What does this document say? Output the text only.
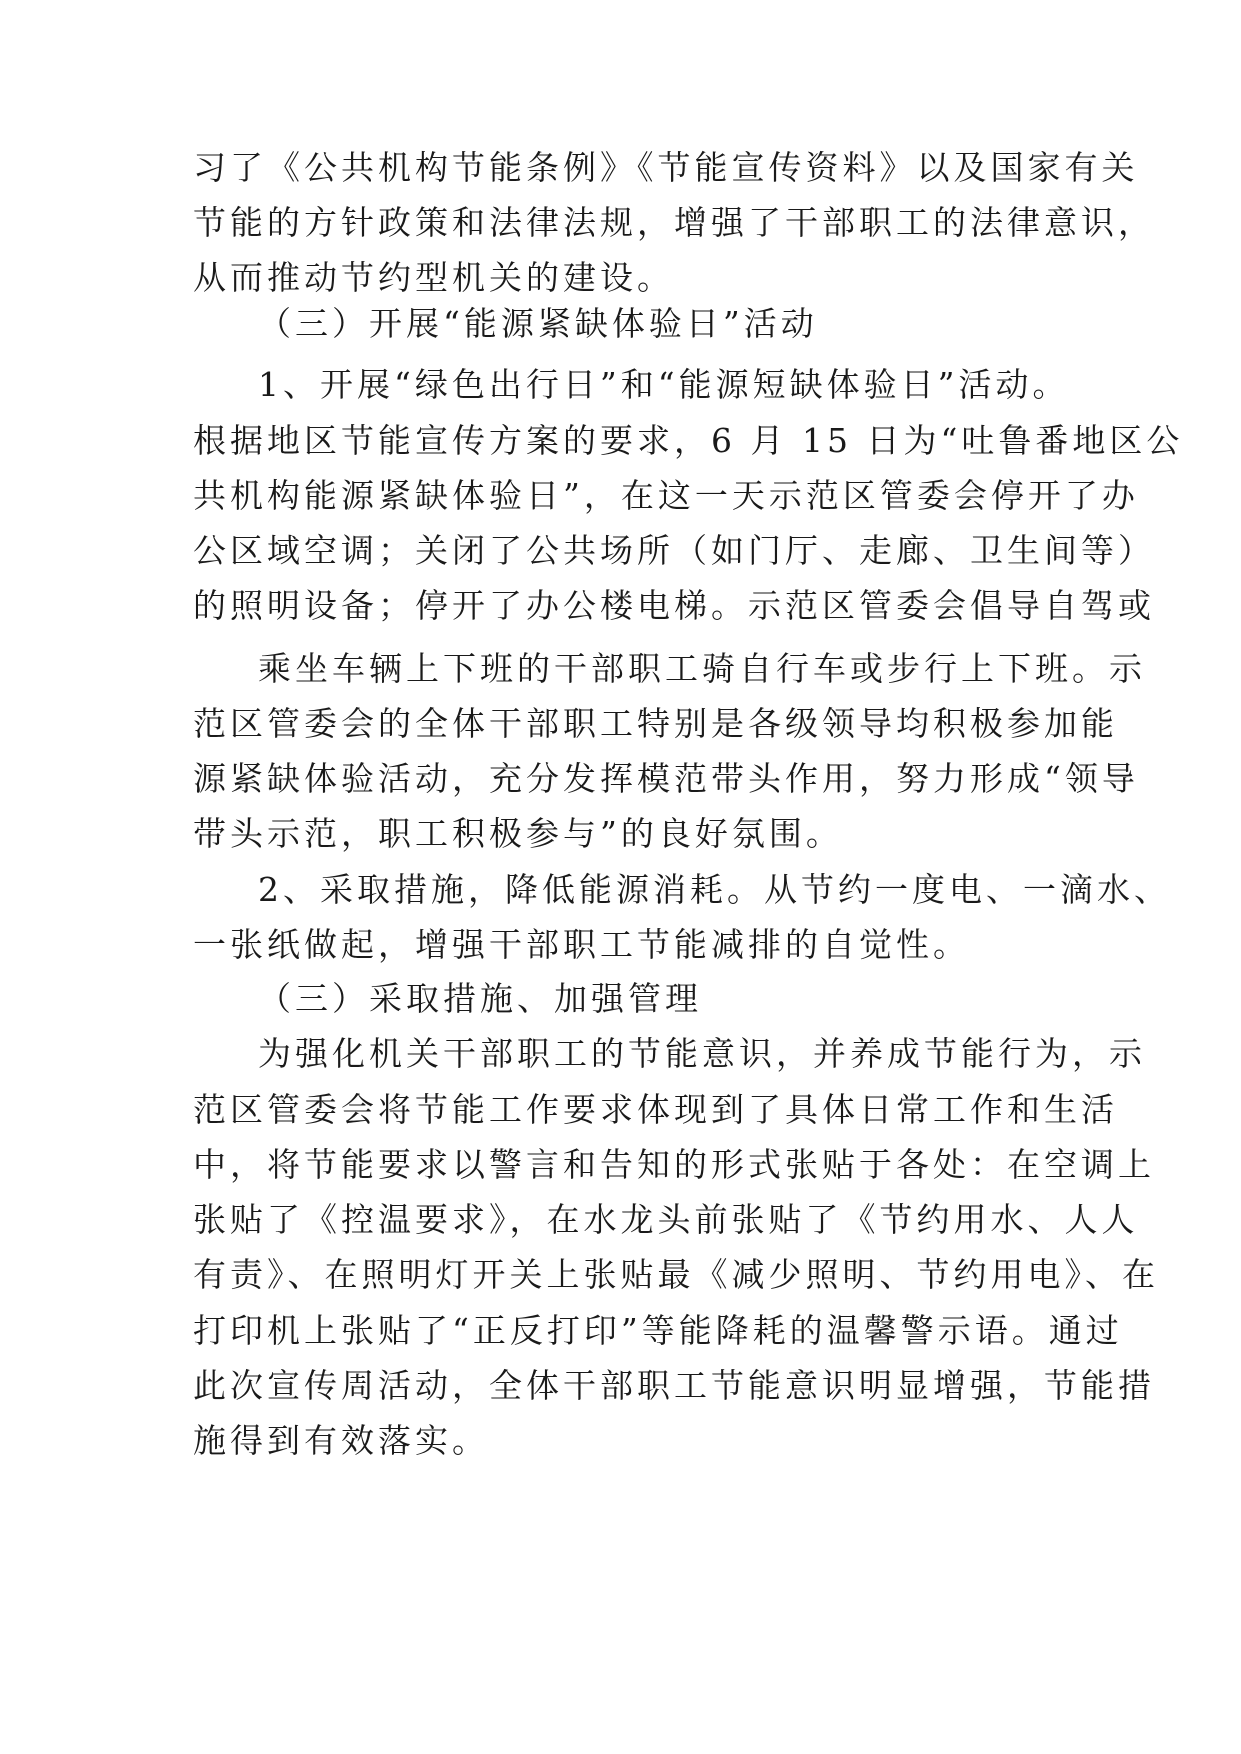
习了《公共机构节能条例》《节能宣传资料》以及国家有关
节能的方针政策和法律法规，增强了干部职工的法律意识，
从而推动节约型机关的建设。
（三）开展“能源紧缺体验日”活动
1、开展“绿色出行日”和“能源短缺体验日”活动。
根据地区节能宣传方案的要求，6 月 15 日为“吐鲁番地区公
共机构能源紧缺体验日”，在这一天示范区管委会停开了办
公区域空调；关闭了公共场所（如门厅、走廊、卫生间等）
的照明设备；停开了办公楼电梯。示范区管委会倡导自驾或
乘坐车辆上下班的干部职工骑自行车或步行上下班。示
范区管委会的全体干部职工特别是各级领导均积极参加能
源紧缺体验活动，充分发挥模范带头作用，努力形成“领导
带头示范，职工积极参与”的良好氛围。
2、采取措施，降低能源消耗。从节约一度电、一滴水、
一张纸做起，增强干部职工节能减排的自觉性。
（三）采取措施、加强管理
为强化机关干部职工的节能意识，并养成节能行为，示
范区管委会将节能工作要求体现到了具体日常工作和生活
中，将节能要求以警言和告知的形式张贴于各处：在空调上
张贴了《控温要求》，在水龙头前张贴了《节约用水、人人
有责》、在照明灯开关上张贴最《减少照明、节约用电》、在
打印机上张贴了“正反打印”等能降耗的温馨警示语。通过
此次宣传周活动，全体干部职工节能意识明显增强，节能措
施得到有效落实。
